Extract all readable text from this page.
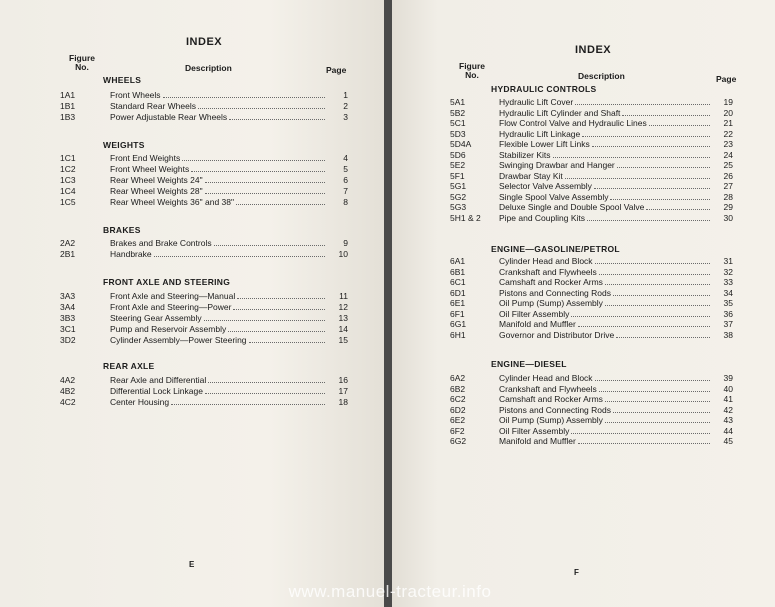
INDEX
Figure
No.	Description	Page
WHEELS
1A1	Front Wheels	1
1B1	Standard Rear Wheels	2
1B3	Power Adjustable Rear Wheels	3
WEIGHTS
1C1	Front End Weights	4
1C2	Front Wheel Weights	5
1C3	Rear Wheel Weights 24"	6
1C4	Rear Wheel Weights 28"	7
1C5	Rear Wheel Weights 36" and 38"	8
BRAKES
2A2	Brakes and Brake Controls	9
2B1	Handbrake	10
FRONT AXLE AND STEERING
3A3	Front Axle and Steering—Manual	11
3A4	Front Axle and Steering—Power	12
3B3	Steering Gear Assembly	13
3C1	Pump and Reservoir Assembly	14
3D2	Cylinder Assembly—Power Steering	15
REAR AXLE
4A2	Rear Axle and Differential	16
4B2	Differential Lock Linkage	17
4C2	Center Housing	18
E
INDEX
Figure
No.	Description	Page
HYDRAULIC CONTROLS
5A1	Hydraulic Lift Cover	19
5B2	Hydraulic Lift Cylinder and Shaft	20
5C1	Flow Control Valve and Hydraulic Lines	21
5D3	Hydraulic Lift Linkage	22
5D4A	Flexible Lower Lift Links	23
5D6	Stabilizer Kits	24
5E2	Swinging Drawbar and Hanger	25
5F1	Drawbar Stay Kit	26
5G1	Selector Valve Assembly	27
5G2	Single Spool Valve Assembly	28
5G3	Deluxe Single and Double Spool Valve	29
5H1 & 2	Pipe and Coupling Kits	30
ENGINE—GASOLINE/PETROL
6A1	Cylinder Head and Block	31
6B1	Crankshaft and Flywheels	32
6C1	Camshaft and Rocker Arms	33
6D1	Pistons and Connecting Rods	34
6E1	Oil Pump (Sump) Assembly	35
6F1	Oil Filter Assembly	36
6G1	Manifold and Muffler	37
6H1	Governor and Distributor Drive	38
ENGINE—DIESEL
6A2	Cylinder Head and Block	39
6B2	Crankshaft and Flywheels	40
6C2	Camshaft and Rocker Arms	41
6D2	Pistons and Connecting Rods	42
6E2	Oil Pump (Sump) Assembly	43
6F2	Oil Filter Assembly	44
6G2	Manifold and Muffler	45
F
www.manuel-tracteur.info
